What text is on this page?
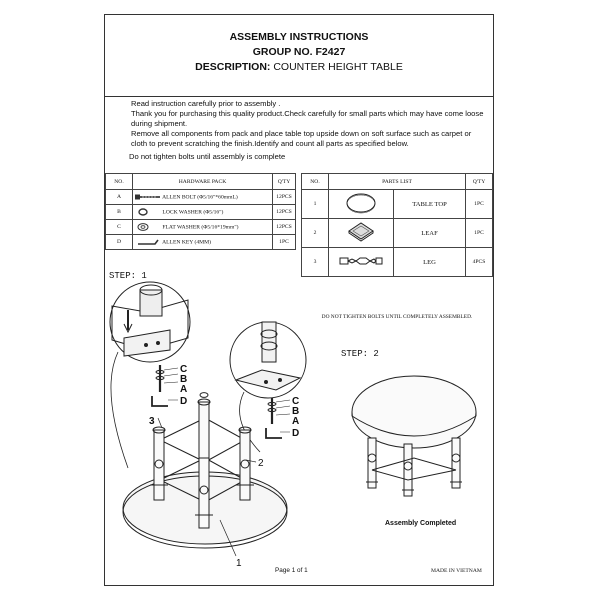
ASSEMBLY INSTRUCTIONS
GROUP NO. F2427
DESCRIPTION: COUNTER HEIGHT TABLE
Read instruction carefully prior to assembly .
Thank you for purchasing this quality product.Check carefully for small parts which may have come loose during shipment.
Remove all components from pack and place table top upside down on soft surface such as carpet or cloth to prevent scratching the finish.Identify and count all parts as specified below.
Do not tighten bolts until assembly is complete
NO.	HARDWARE PACK	Q'TY
A	ALLEN BOLT (Φ5/16"*60mmL)	12PCS
B	LOCK WASHER (Φ5/16")	12PCS
C	FLAT WASHER (Φ5/16*19mm")	12PCS
D	ALLEN KEY (4MM)	1PC
NO.	PARTS LIST		Q'TY
1		TABLE TOP	1PC
2		LEAF	1PC
3		LEG	4PCS
DO NOT TIGHTEN BOLTS UNTIL COMPLETELY ASSEMBLED.
STEP: 1
STEP: 2
Assembly Completed
Page 1 of 1	MADE IN VIETNAM
C
B
A
D	C
B
A
D
3
2
1
